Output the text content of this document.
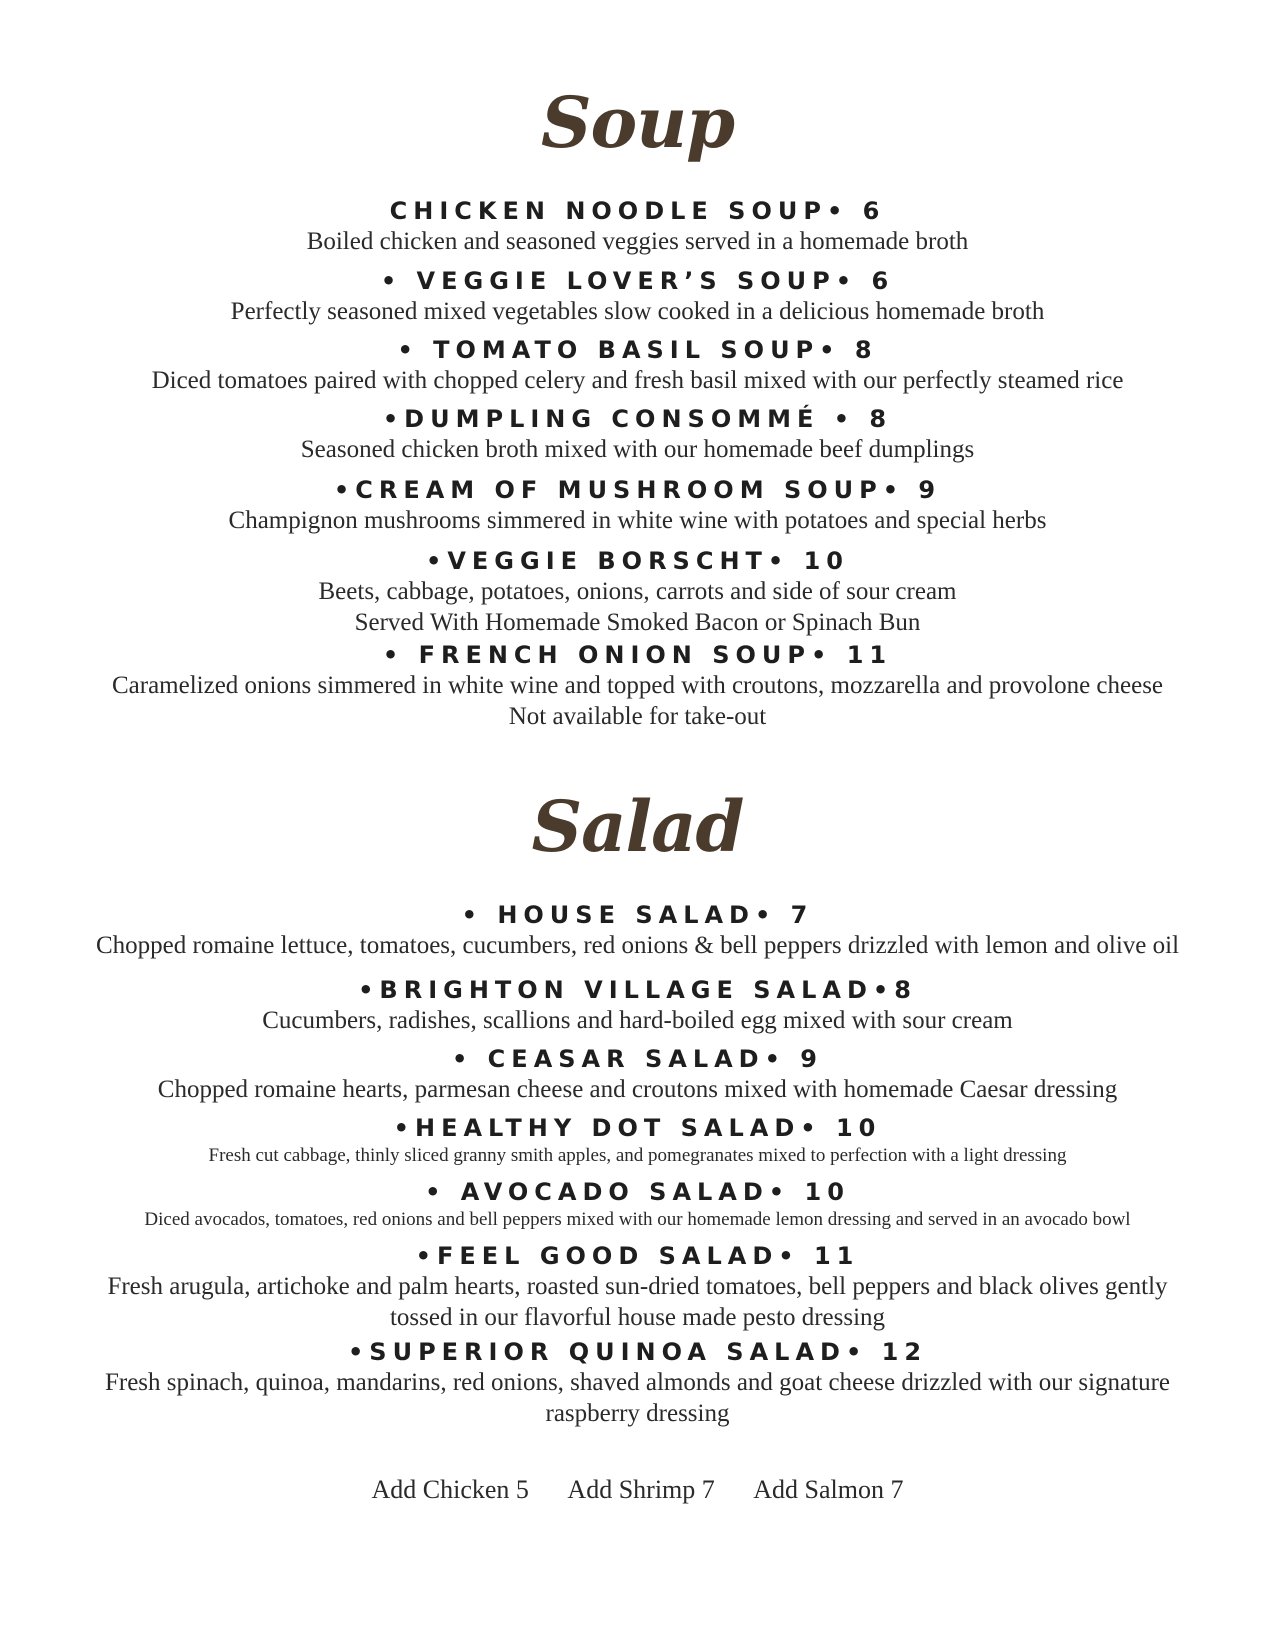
Soup
CHICKEN NOODLE SOUP• 6
Boiled chicken and seasoned veggies served in a homemade broth
• VEGGIE LOVER’S SOUP• 6
Perfectly seasoned mixed vegetables slow cooked in a delicious homemade broth
• TOMATO BASIL SOUP• 8
Diced tomatoes paired with chopped celery and fresh basil mixed with our perfectly steamed rice
•DUMPLING CONSOMMÉ • 8
Seasoned chicken broth mixed with our homemade beef dumplings
•CREAM OF MUSHROOM SOUP• 9
Champignon mushrooms simmered in white wine with potatoes and special herbs
•VEGGIE BORSCHT• 10
Beets, cabbage, potatoes, onions, carrots and side of sour cream
Served With Homemade Smoked Bacon or Spinach Bun
• FRENCH ONION SOUP• 11
Caramelized onions simmered in white wine and topped with croutons, mozzarella and provolone cheese
Not available for take-out
Salad
• HOUSE SALAD• 7
Chopped romaine lettuce, tomatoes, cucumbers, red onions & bell peppers drizzled with lemon and olive oil
•BRIGHTON VILLAGE SALAD•8
Cucumbers, radishes, scallions and hard-boiled egg mixed with sour cream
• CEASAR SALAD• 9
Chopped romaine hearts, parmesan cheese and croutons mixed with homemade Caesar dressing
•HEALTHY DOT SALAD• 10
Fresh cut cabbage, thinly sliced granny smith apples, and pomegranates mixed to perfection with a light dressing
• AVOCADO SALAD• 10
Diced avocados, tomatoes, red onions and bell peppers mixed with our homemade lemon dressing and served in an avocado bowl
•FEEL GOOD SALAD• 11
Fresh arugula, artichoke and palm hearts, roasted sun-dried tomatoes, bell peppers and black olives gently
tossed in our flavorful house made pesto dressing
•SUPERIOR QUINOA SALAD• 12
Fresh spinach, quinoa, mandarins, red onions, shaved almonds and goat cheese drizzled with our signature
raspberry dressing
Add Chicken 5 Add Shrimp 7 Add Salmon 7
